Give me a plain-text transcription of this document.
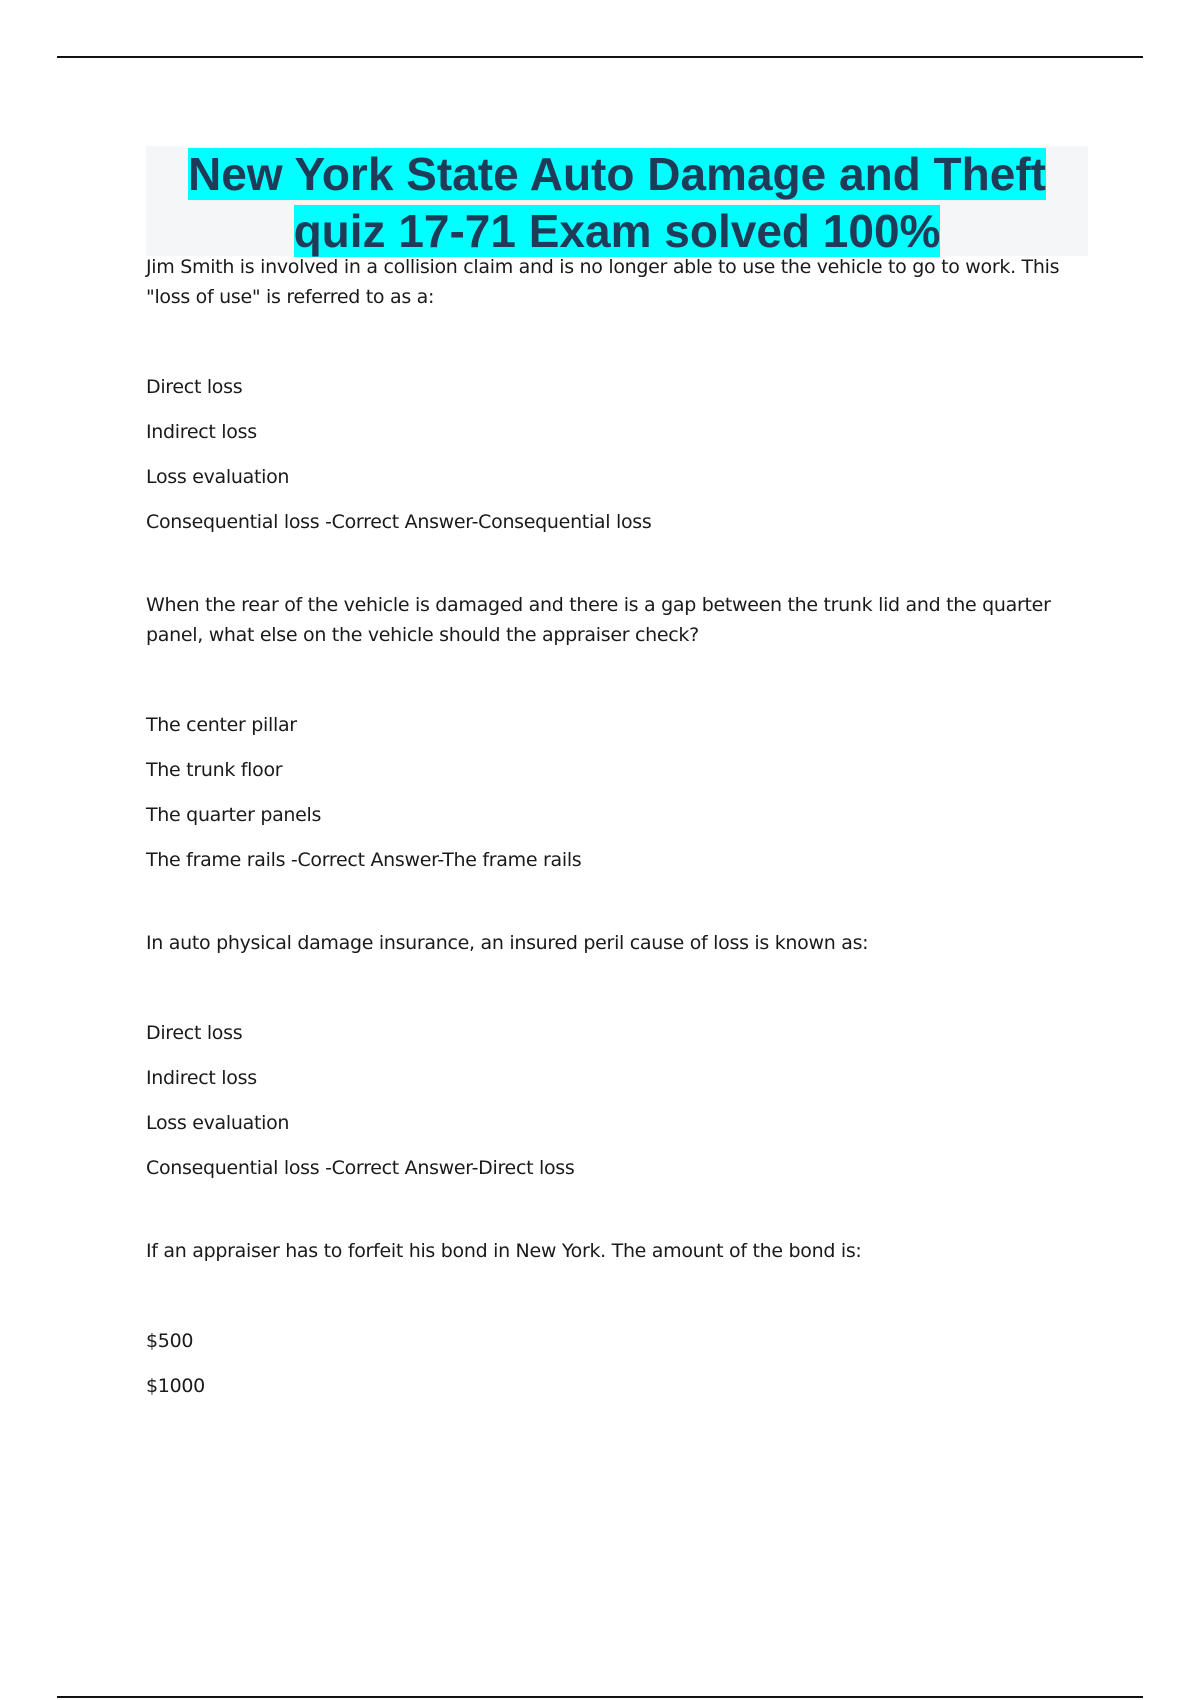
New York State Auto Damage and Theft
quiz 17-71 Exam solved 100%

Jim Smith is involved in a collision claim and is no longer able to use the vehicle to go to work. This "loss of use" is referred to as a:

Direct loss

Indirect loss

Loss evaluation

Consequential loss -Correct Answer-Consequential loss

When the rear of the vehicle is damaged and there is a gap between the trunk lid and the quarter panel, what else on the vehicle should the appraiser check?

The center pillar

The trunk floor

The quarter panels

The frame rails -Correct Answer-The frame rails

In auto physical damage insurance, an insured peril cause of loss is known as:

Direct loss

Indirect loss

Loss evaluation

Consequential loss -Correct Answer-Direct loss

If an appraiser has to forfeit his bond in New York. The amount of the bond is:

$500

$1000
